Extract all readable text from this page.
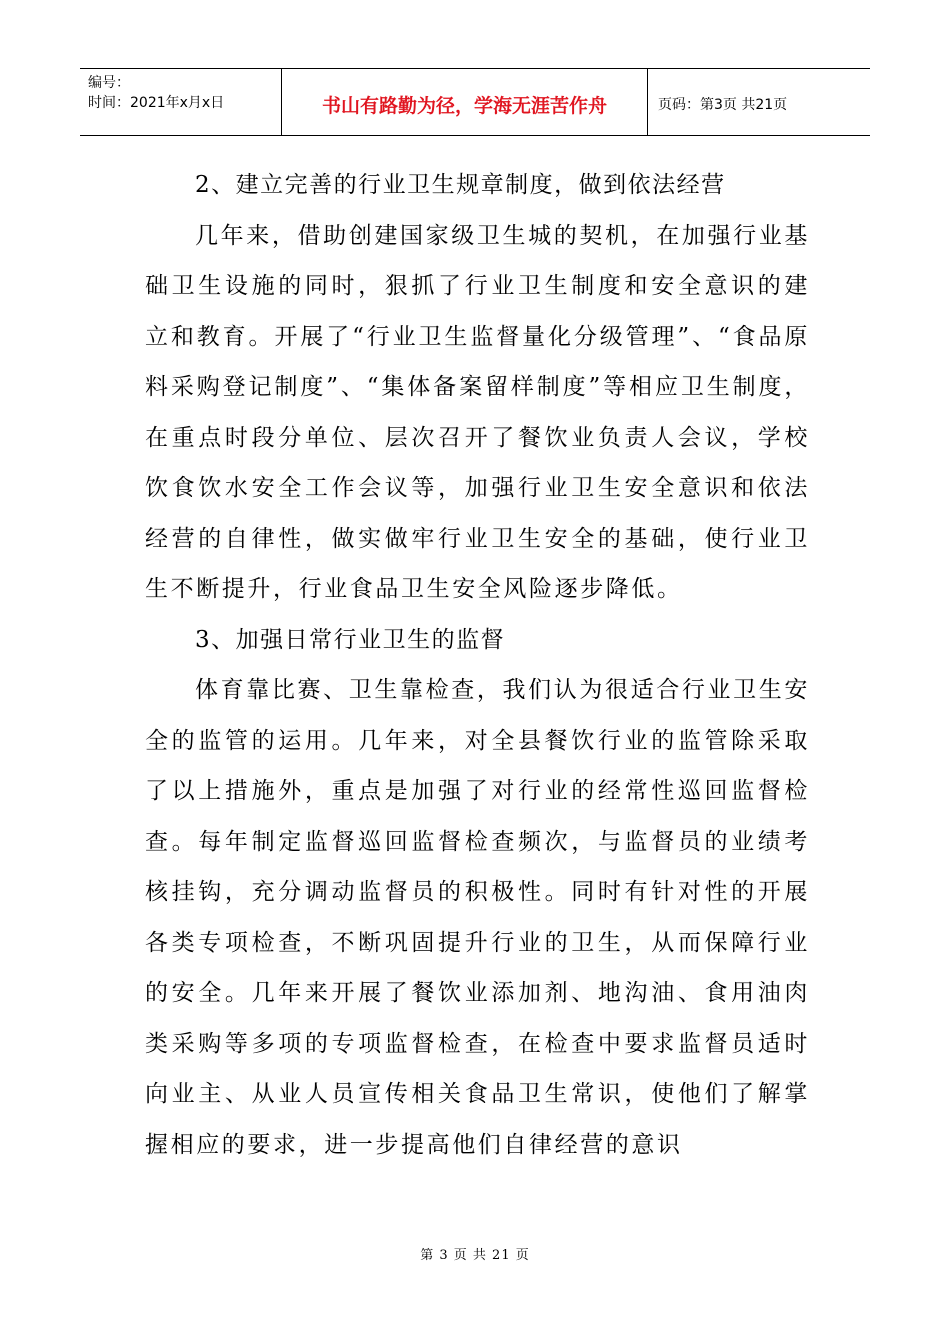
编号：
时间：2021年x月x日	书山有路勤为径，学海无涯苦作舟	页码：第3页 共21页

2、建立完善的行业卫生规章制度，做到依法经营

几年来，借助创建国家级卫生城的契机，在加强行业基础卫生设施的同时，狠抓了行业卫生制度和安全意识的建立和教育。开展了“行业卫生监督量化分级管理”、“食品原料采购登记制度”、“集体备案留样制度”等相应卫生制度，在重点时段分单位、层次召开了餐饮业负责人会议，学校饮食饮水安全工作会议等，加强行业卫生安全意识和依法经营的自律性，做实做牢行业卫生安全的基础，使行业卫生不断提升，行业食品卫生安全风险逐步降低。

3、加强日常行业卫生的监督

体育靠比赛、卫生靠检查，我们认为很适合行业卫生安全的监管的运用。几年来，对全县餐饮行业的监管除采取了以上措施外，重点是加强了对行业的经常性巡回监督检查。每年制定监督巡回监督检查频次，与监督员的业绩考核挂钩，充分调动监督员的积极性。同时有针对性的开展各类专项检查，不断巩固提升行业的卫生，从而保障行业的安全。几年来开展了餐饮业添加剂、地沟油、食用油肉类采购等多项的专项监督检查，在检查中要求监督员适时向业主、从业人员宣传相关食品卫生常识，使他们了解掌握相应的要求，进一步提高他们自律经营的意识

第 3 页 共 21 页
